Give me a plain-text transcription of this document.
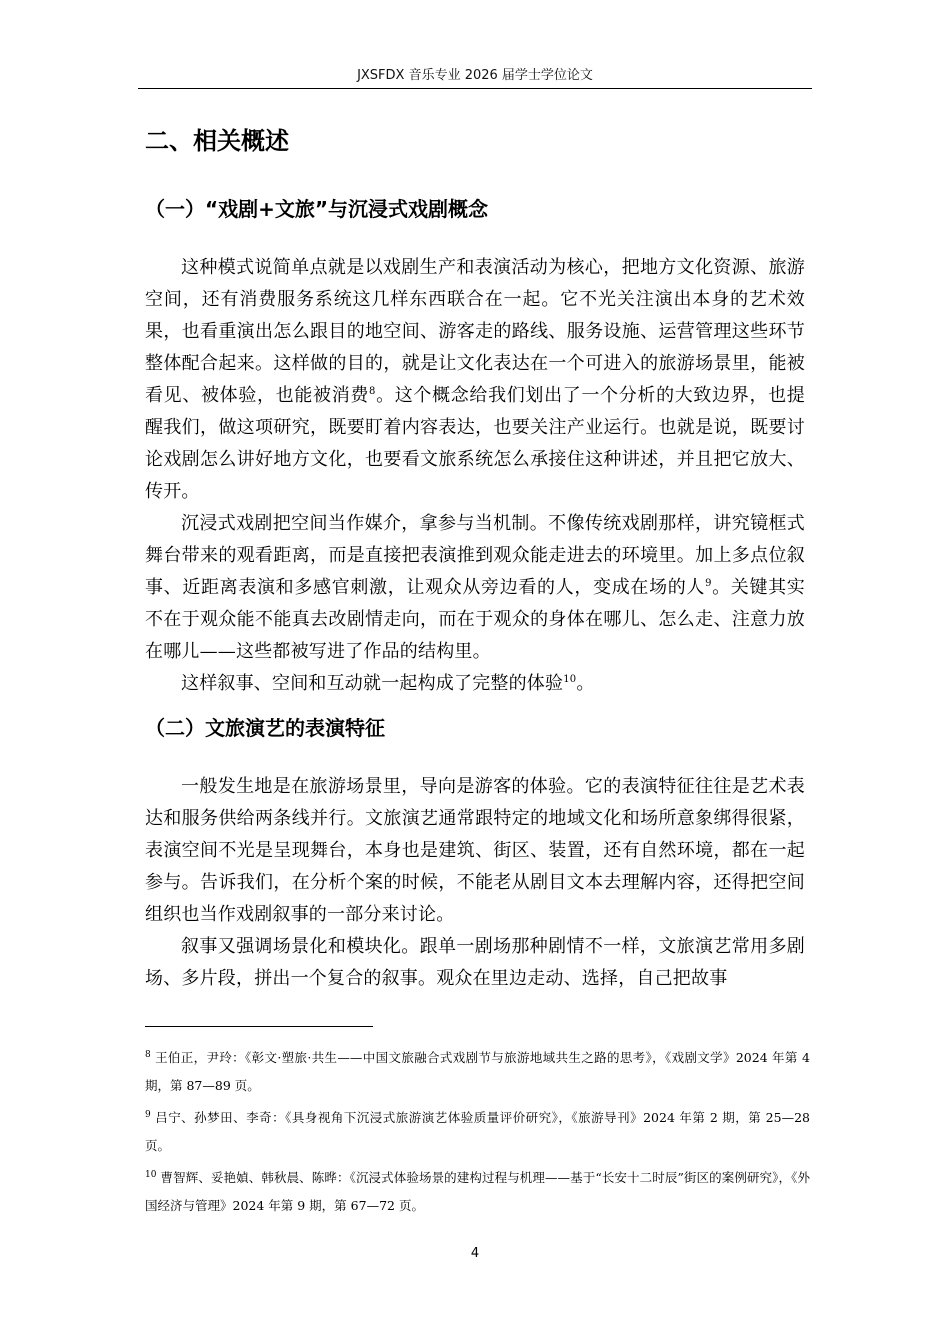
JXSFDX 音乐专业 2026 届学士学位论文
二、相关概述
（一）“戏剧+文旅”与沉浸式戏剧概念

这种模式说简单点就是以戏剧生产和表演活动为核心，把地方文化资源、旅游空间，还有消费服务系统这几样东西联合在一起。它不光关注演出本身的艺术效果，也看重演出怎么跟目的地空间、游客走的路线、服务设施、运营管理这些环节整体配合起来。这样做的目的，就是让文化表达在一个可进入的旅游场景里，能被看见、被体验，也能被消费$^8$。这个概念给我们划出了一个分析的大致边界，也提醒我们，做这项研究，既要盯着内容表达，也要关注产业运行。也就是说，既要讨论戏剧怎么讲好地方文化，也要看文旅系统怎么承接住这种讲述，并且把它放大、传开。

沉浸式戏剧把空间当作媒介，拿参与当机制。不像传统戏剧那样，讲究镜框式舞台带来的观看距离，而是直接把表演推到观众能走进去的环境里。加上多点位叙事、近距离表演和多感官刺激，让观众从旁边看的人，变成在场的人$^9$。关键其实不在于观众能不能真去改剧情走向，而在于观众的身体在哪儿、怎么走、注意力放在哪儿——这些都被写进了作品的结构里。

这样叙事、空间和互动就一起构成了完整的体验$^{10}$。

（二）文旅演艺的表演特征

一般发生地是在旅游场景里，导向是游客的体验。它的表演特征往往是艺术表达和服务供给两条线并行。文旅演艺通常跟特定的地域文化和场所意象绑得很紧，表演空间不光是呈现舞台，本身也是建筑、街区、装置，还有自然环境，都在一起参与。告诉我们，在分析个案的时候，不能老从剧目文本去理解内容，还得把空间组织也当作戏剧叙事的一部分来讨论。

叙事又强调场景化和模块化。跟单一剧场那种剧情不一样，文旅演艺常用多剧场、多片段，拼出一个复合的叙事。观众在里边走动、选择，自己把故事

$^8$ 王伯正，尹玲：《彰文·塑旅·共生——中国文旅融合式戏剧节与旅游地域共生之路的思考》，《戏剧文学》2024 年第 4 期，第 87—89 页。

$^9$ 吕宁、孙梦田、李奇：《具身视角下沉浸式旅游演艺体验质量评价研究》，《旅游导刊》2024 年第 2 期，第 25—28 页。

$^{10}$ 曹智辉、妥艳媜、韩秋晨、陈晔：《沉浸式体验场景的建构过程与机理——基于“长安十二时辰”街区的案例研究》，《外国经济与管理》2024 年第 9 期，第 67—72 页。

4
